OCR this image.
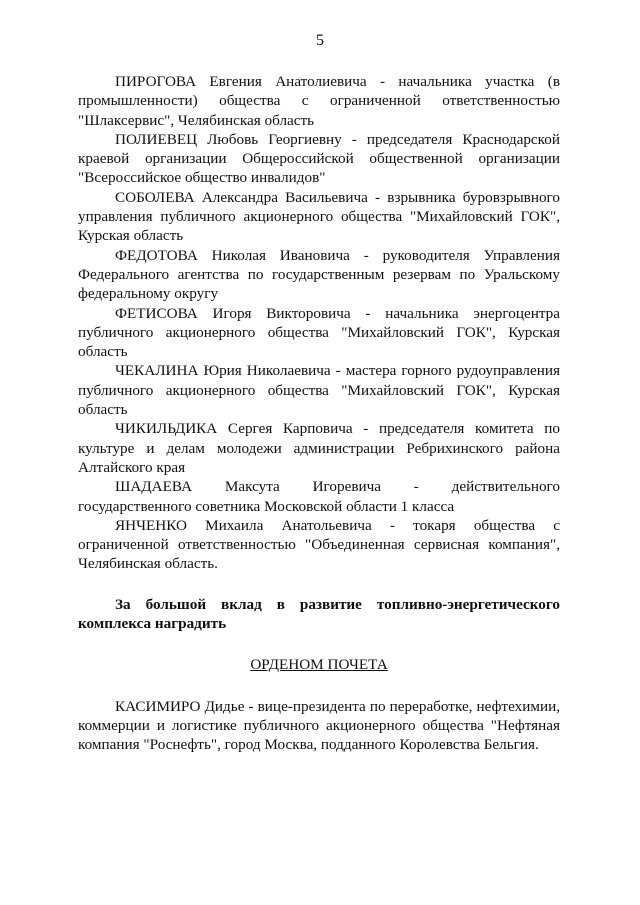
5

ПИРОГОВА Евгения Анатолиевича - начальника участка (в промышленности) общества с ограниченной ответственностью "Шлаксервис", Челябинская область

ПОЛИЕВЕЦ Любовь Георгиевну - председателя Краснодарской краевой организации Общероссийской общественной организации "Всероссийское общество инвалидов"

СОБОЛЕВА Александра Васильевича - взрывника буровзрывного управления публичного акционерного общества "Михайловский ГОК", Курская область

ФЕДОТОВА Николая Ивановича - руководителя Управления Федерального агентства по государственным резервам по Уральскому федеральному округу

ФЕТИСОВА Игоря Викторовича - начальника энергоцентра публичного акционерного общества "Михайловский ГОК", Курская область

ЧЕКАЛИНА Юрия Николаевича - мастера горного рудоуправления публичного акционерного общества "Михайловский ГОК", Курская область

ЧИКИЛЬДИКА Сергея Карповича - председателя комитета по культуре и делам молодежи администрации Ребрихинского района Алтайского края

ШАДАЕВА Максута Игоревича - действительного государственного советника Московской области 1 класса

ЯНЧЕНКО Михаила Анатольевича - токаря общества с ограниченной ответственностью "Объединенная сервисная компания", Челябинская область.

За большой вклад в развитие топливно-энергетического комплекса наградить

ОРДЕНОМ ПОЧЕТА

КАСИМИРО Дидье - вице-президента по переработке, нефтехимии, коммерции и логистике публичного акционерного общества "Нефтяная компания "Роснефть", город Москва, подданного Королевства Бельгия.
